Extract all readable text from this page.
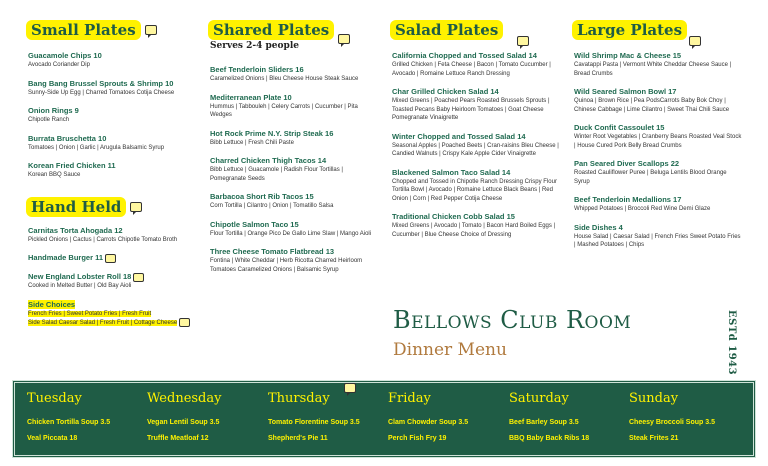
Small Plates
Guacamole Chips 10
Avocado Coriander Dip
Bang Bang Brussel Sprouts & Shrimp 10
Sunny-Side Up Egg | Charred Tomatoes Cotija Cheese
Onion Rings 9
Chipotle Ranch
Burrata Bruschetta 10
Tomatoes | Onion | Garlic | Arugula Balsamic Syrup
Korean Fried Chicken 11
Korean BBQ Sauce
Hand Held
Carnitas Torta Ahogada 12
Pickled Onions | Cactus | Carrots Chipotle Tomato Broth
Handmade Burger 11
New England Lobster Roll 18
Cooked in Melted Butter | Old Bay Aioli
Side Choices
French Fries | Sweet Potato Fries | Fresh Fruit
Side Salad Caesar Salad | Fresh Fruit | Cottage Cheese
Shared Plates
Serves 2-4 people
Beef Tenderloin Sliders 16
Caramelized Onions | Bleu Cheese House Steak Sauce
Mediterranean Plate 10
Hummus | Tabbouleh | Celery Carrots | Cucumber | Pita Wedges
Hot Rock Prime N.Y. Strip Steak 16
Bibb Lettuce | Fresh Chili Paste
Charred Chicken Thigh Tacos 14
Bibb Lettuce | Guacamole | Radish Flour Tortillas | Pomegranate Seeds
Barbacoa Short Rib Tacos 15
Corn Tortilla | Cilantro | Onion | Tomatillo Salsa
Chipotle Salmon Taco 15
Flour Tortilla | Orange Pico De Gallo Lime Slaw | Mango Aioli
Three Cheese Tomato Flatbread 13
Fontina | White Cheddar | Herb Ricotta Charred Heirloom Tomatoes Caramelized Onions | Balsamic Syrup
Salad Plates
California Chopped and Tossed Salad 14
Grilled Chicken | Feta Cheese | Bacon | Tomato Cucumber | Avocado | Romaine Lettuce Ranch Dressing
Char Grilled Chicken Salad 14
Mixed Greens | Poached Pears Roasted Brussels Sprouts | Toasted Pecans Baby Heirloom Tomatoes | Goat Cheese Pomegranate Vinaigrette
Winter Chopped and Tossed Salad 14
Seasonal Apples | Poached Beets | Cran-raisins Bleu Cheese | Candied Walnuts | Crispy Kale Apple Cider Vinaigrette
Blackened Salmon Taco Salad 14
Chopped and Tossed in Chipotle Ranch Dressing Crispy Flour Tortilla Bowl | Avocado | Romaine Lettuce Black Beans | Red Onion | Corn | Red Pepper Cotija Cheese
Traditional Chicken Cobb Salad 15
Mixed Greens | Avocado | Tomato | Bacon Hard Boiled Eggs | Cucumber | Blue Cheese Choice of Dressing
Large Plates
Wild Shrimp Mac & Cheese 15
Cavatappi Pasta | Vermont White Cheddar Cheese Sauce | Bread Crumbs
Wild Seared Salmon Bowl 17
Quinoa | Brown Rice | Pea PodsCarrots Baby Bok Choy | Chinese Cabbage | Lime Cilantro | Sweet Thai Chili Sauce
Duck Confit Cassoulet 15
Winter Root Vegetables | Cranberry Beans Roasted Veal Stock | House Cured Pork Belly Bread Crumbs
Pan Seared Diver Scallops 22
Roasted Cauliflower Puree | Beluga Lentils Blood Orange Syrup
Beef Tenderloin Medallions 17
Whipped Potatoes | Broccoli Red Wine Demi Glaze
Side Dishes 4
House Salad | Caesar Salad | French Fries Sweet Potato Fries | Mashed Potatoes | Chips
Bellows Club Room
Dinner Menu	ESTd 1943
Tuesday
Chicken Tortilla Soup 3.5
Veal Piccata 18
Wednesday
Vegan Lentil Soup 3.5
Truffle Meatloaf 12
Thursday
Tomato Florentine Soup 3.5
Shepherd's Pie 11
Friday
Clam Chowder Soup 3.5
Perch Fish Fry 19
Saturday
Beef Barley Soup 3.5
BBQ Baby Back Ribs 18
Sunday
Cheesy Broccoli Soup 3.5
Steak Frites 21
